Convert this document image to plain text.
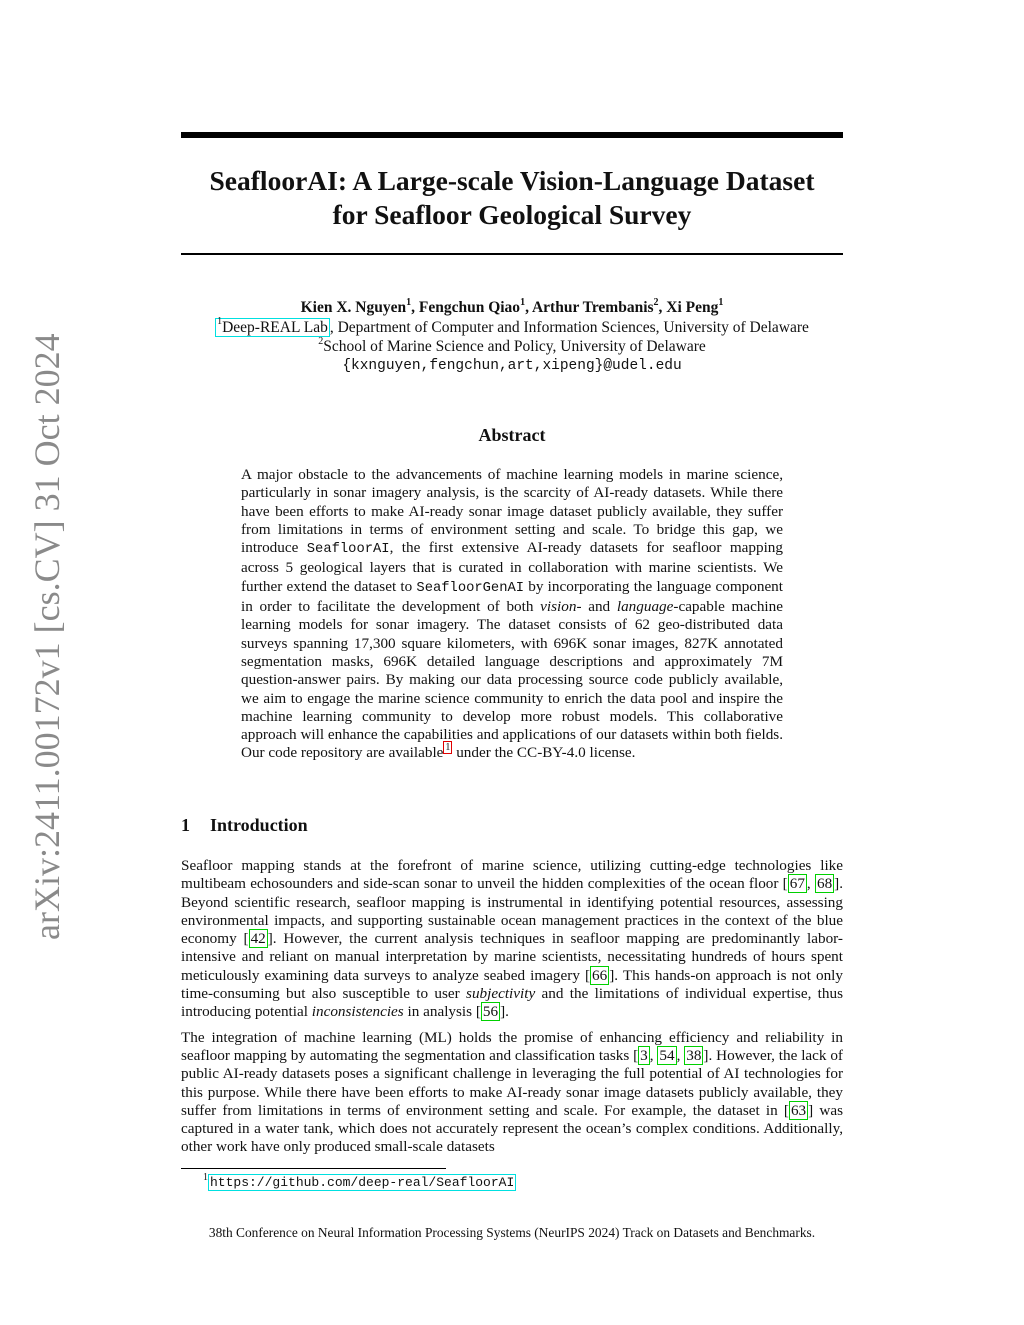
arXiv:2411.00172v1 [cs.CV] 31 Oct 2024
SeafloorAI: A Large-scale Vision-Language Dataset
for Seafloor Geological Survey
Kien X. Nguyen$^1$, Fengchun Qiao$^1$, Arthur Trembanis$^2$, Xi Peng$^1$
$^1$Deep-REAL Lab , Department of Computer and Information Sciences, University of Delaware
$^2$School of Marine Science and Policy, University of Delaware
{kxnguyen,fengchun,art,xipeng}@udel.edu
Abstract

A major obstacle to the advancements of machine learning models in marine science, particularly in sonar imagery analysis, is the scarcity of AI-ready datasets. While there have been efforts to make AI-ready sonar image dataset publicly available, they suffer from limitations in terms of environment setting and scale. To bridge this gap, we introduce SeafloorAI, the first extensive AI-ready datasets for seafloor mapping across 5 geological layers that is curated in collaboration with marine scientists. We further extend the dataset to SeafloorGenAI by incorporating the language component in order to facilitate the development of both vision- and language-capable machine learning models for sonar imagery. The dataset consists of 62 geo-distributed data surveys spanning 17,300 square kilometers, with 696K sonar images, 827K annotated segmentation masks, 696K detailed language descriptions and approximately 7M question-answer pairs. By making our data processing source code publicly available, we aim to engage the marine science community to enrich the data pool and inspire the machine learning community to develop more robust models. This collaborative approach will enhance the capabilities and applications of our datasets within both fields. Our code repository are available $^1$ under the CC-BY-4.0 license.

1 Introduction

Seafloor mapping stands at the forefront of marine science, utilizing cutting-edge technologies like multibeam echosounders and side-scan sonar to unveil the hidden complexities of the ocean floor [ 67 , 68 ]. Beyond scientific research, seafloor mapping is instrumental in identifying potential resources, assessing environmental impacts, and supporting sustainable ocean management practices in the context of the blue economy [ 42 ]. However, the current analysis techniques in seafloor mapping are predominantly labor-intensive and reliant on manual interpretation by marine scientists, necessitating hundreds of hours spent meticulously examining data surveys to analyze seabed imagery [ 66 ]. This hands-on approach is not only time-consuming but also susceptible to user subjectivity and the limitations of individual expertise, thus introducing potential inconsistencies in analysis [ 56 ].

The integration of machine learning (ML) holds the promise of enhancing efficiency and reliability in seafloor mapping by automating the segmentation and classification tasks [ 3 , 54 , 38 ]. However, the lack of public AI-ready datasets poses a significant challenge in leveraging the full potential of AI technologies for this purpose. While there have been efforts to make AI-ready sonar image datasets publicly available, they suffer from limitations in terms of environment setting and scale. For example, the dataset in [ 63 ] was captured in a water tank, which does not accurately represent the ocean’s complex conditions. Additionally, other work have only produced small-scale datasets

$^1$ https://github.com/deep-real/SeafloorAI
38th Conference on Neural Information Processing Systems (NeurIPS 2024) Track on Datasets and Benchmarks.
